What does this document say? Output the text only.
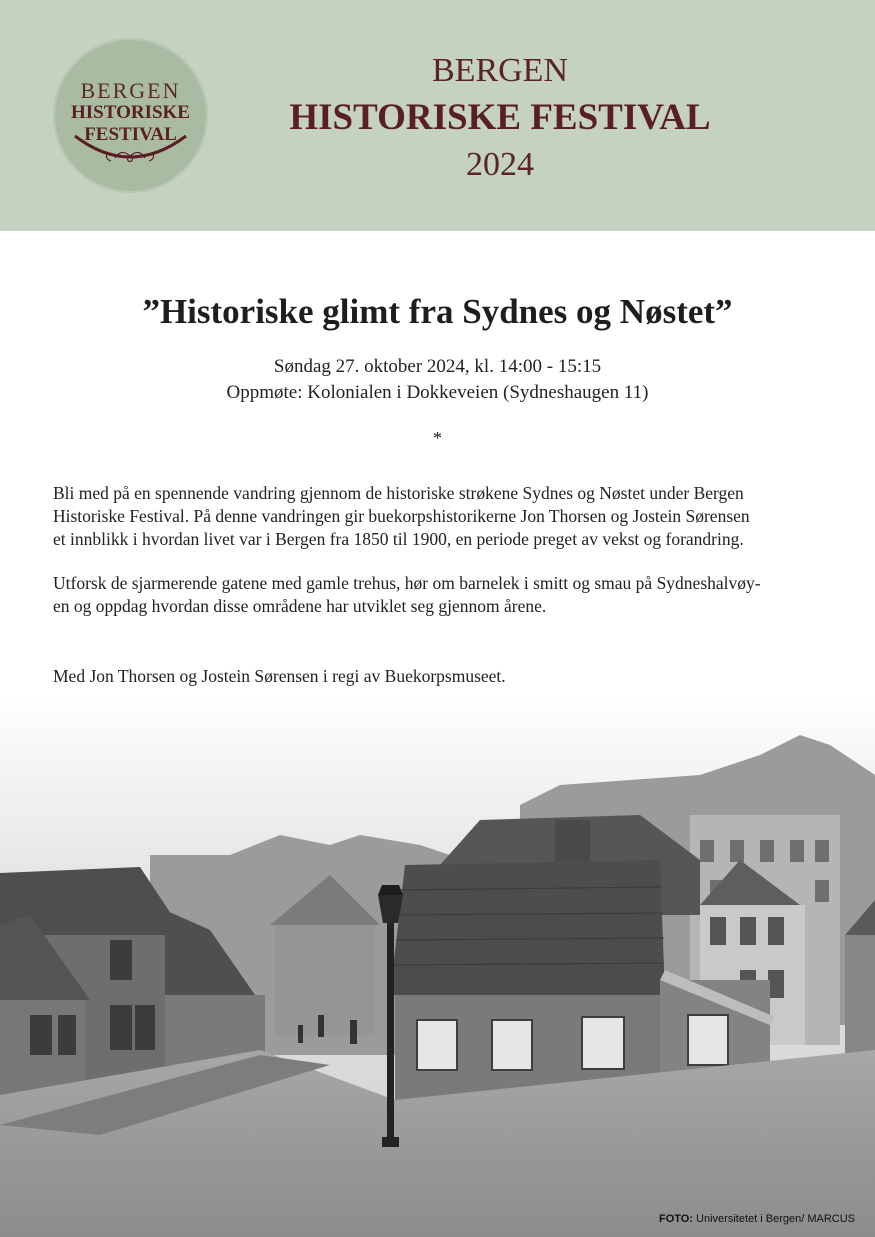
BERGEN
HISTORISKE
FESTIVAL
BERGEN
HISTORISKE FESTIVAL
2024
”Historiske glimt fra Sydnes og Nøstet”
Søndag 27. oktober 2024, kl. 14:00 - 15:15
Oppmøte: Kolonialen i Dokkeveien (Sydneshaugen 11)
*
Bli med på en spennende vandring gjennom de historiske strøkene Sydnes og Nøstet under Bergen
Historiske Festival. På denne vandringen gir buekorpshistorikerne Jon Thorsen og Jostein Sørensen
et innblikk i hvordan livet var i Bergen fra 1850 til 1900, en periode preget av vekst og forandring.
Utforsk de sjarmerende gatene med gamle trehus, hør om barnelek i smitt og smau på Sydneshalvøy-
en og oppdag hvordan disse områdene har utviklet seg gjennom årene.
Med Jon Thorsen og Jostein Sørensen i regi av Buekorpsmuseet.
FOTO: Universitetet i Bergen/ MARCUS
